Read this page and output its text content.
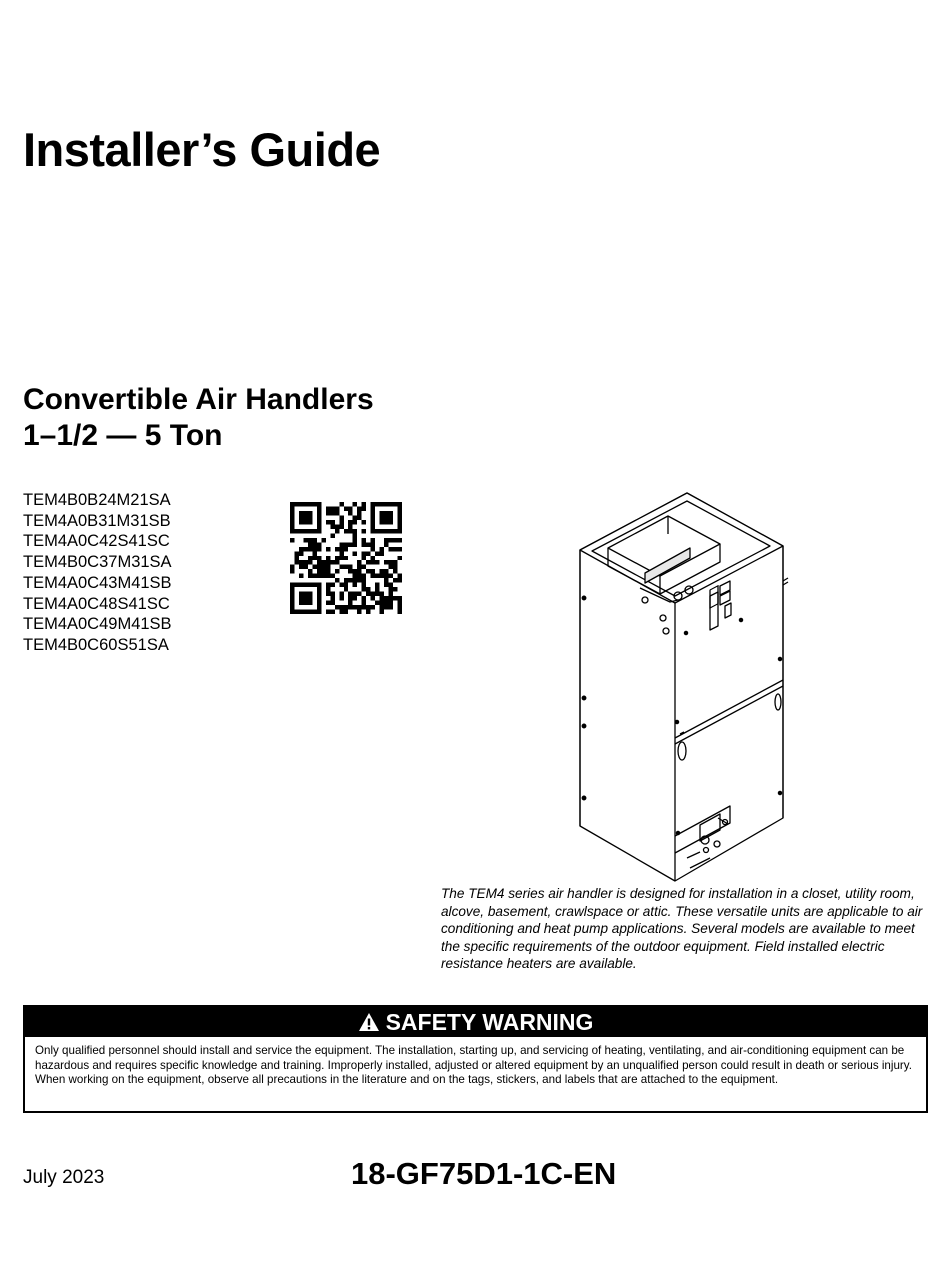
Installer’s Guide
Convertible Air Handlers
1–1/2 — 5 Ton
TEM4B0B24M21SA
TEM4A0B31M31SB
TEM4A0C42S41SC
TEM4B0C37M31SA
TEM4A0C43M41SB
TEM4A0C48S41SC
TEM4A0C49M41SB
TEM4B0C60S51SA

The TEM4 series air handler is designed for installation in a closet, utility room, alcove, basement, crawlspace or attic. These versatile units are applicable to air conditioning and heat pump applications. Several models are available to meet the specific requirements of the outdoor equipment. Field installed electric resistance heaters are available.

SAFETY WARNING

Only qualified personnel should install and service the equipment. The installation, starting up, and servicing of heating, ventilating, and air-conditioning equipment can be hazardous and requires specific knowledge and training. Improperly installed, adjusted or altered equipment by an unqualified person could result in death or serious injury. When working on the equipment, observe all precautions in the literature and on the tags, stickers, and labels that are attached to the equipment.

July 2023	18-GF75D1-1C-EN
